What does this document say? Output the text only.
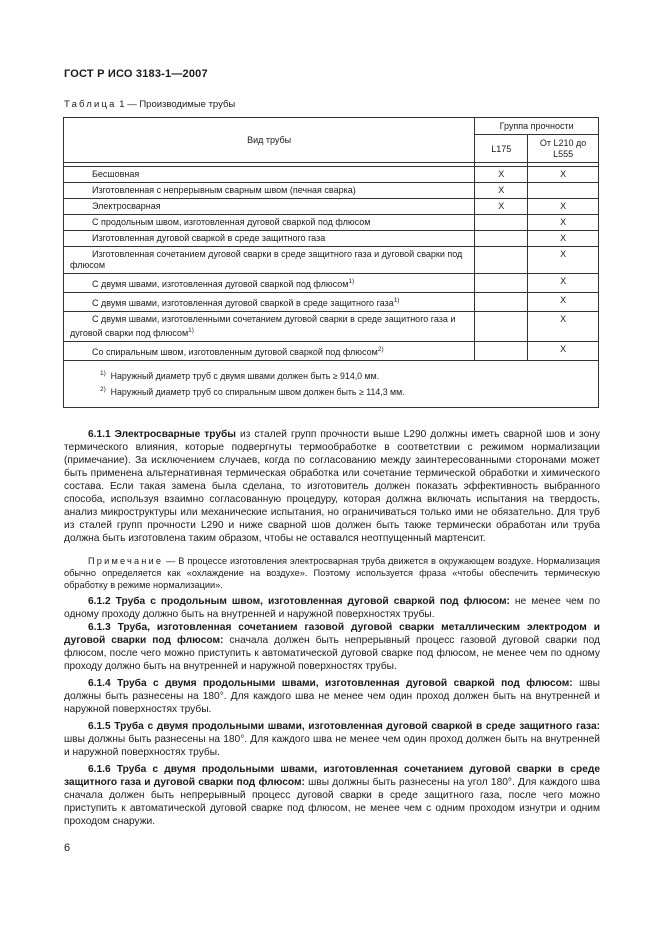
ГОСТ Р ИСО 3183-1—2007
Таблица 1 — Производимые трубы
Вид трубы	Группа прочности	
	L175	От L210 до L555

Бесшовная	X	X
Изготовленная с непрерывным сварным швом (печная сварка)	X	
Электросварная	X	X
С продольным швом, изготовленная дуговой сваркой под флюсом		X
Изготовленная дуговой сваркой в среде защитного газа		X
Изготовленная сочетанием дуговой сварки в среде защитного газа и дуговой сварки под флюсом		X
С двумя швами, изготовленная дуговой сваркой под флюсом$^{1)}$		X
С двумя швами, изготовленная дуговой сваркой в среде защитного газа$^{1)}$		X
С двумя швами, изготовленными сочетанием дуговой сварки в среде защитного газа и дуговой сварки под флюсом$^{1)}$		X
Со спиральным швом, изготовленным дуговой сваркой под флюсом$^{2)}$		X

$^{1)}$ Наружный диаметр труб с двумя швами должен быть ≥ 914,0 мм.
$^{2)}$ Наружный диаметр труб со спиральным швом должен быть ≥ 114,3 мм.		
6

6.1.1 Электросварные трубы из сталей групп прочности выше L290 должны иметь сварной шов и зону термического влияния, которые подвергнуты термообработке в соответствии с режимом нормализации (примечание). За исключением случаев, когда по согласованию между заинтересованными сторонами может быть применена альтернативная термическая обработка или сочетание термической обработки и химического состава. Если такая замена была сделана, то изготовитель должен показать эффективность выбранного способа, используя взаимно согласованную процедуру, которая должна включать испытания на твердость, анализ микроструктуры или механические испытания, но ограничиваться только ими не обязательно. Для труб из сталей групп прочности L290 и ниже сварной шов должен быть также термически обработан или труба должна быть изготовлена таким образом, чтобы не оставался неотпущенный мартенсит.

Примечание — В процессе изготовления электросварная труба движется в окружающем воздухе. Нормализация обычно определяется как «охлаждение на воздухе». Поэтому используется фраза «чтобы обеспечить термическую обработку в режиме нормализации».

6.1.2 Труба с продольным швом, изготовленная дуговой сваркой под флюсом: не менее чем по одному проходу должно быть на внутренней и наружной поверхностях трубы.

6.1.3 Труба, изготовленная сочетанием газовой дуговой сварки металлическим электродом и дуговой сварки под флюсом: сначала должен быть непрерывный процесс газовой дуговой сварки под флюсом, после чего можно приступить к автоматической дуговой сварке под флюсом, не менее чем по одному проходу должно быть на внутренней и наружной поверхностях трубы.

6.1.4 Труба с двумя продольными швами, изготовленная дуговой сваркой под флюсом: швы должны быть разнесены на 180°. Для каждого шва не менее чем один проход должен быть на внутренней и наружной поверхностях трубы.

6.1.5 Труба с двумя продольными швами, изготовленная дуговой сваркой в среде защитного газа: швы должны быть разнесены на 180°. Для каждого шва не менее чем один проход должен быть на внутренней и наружной поверхностях трубы.

6.1.6 Труба с двумя продольными швами, изготовленная сочетанием дуговой сварки в среде защитного газа и дуговой сварки под флюсом: швы должны быть разнесены на угол 180°. Для каждого шва сначала должен быть непрерывный процесс дуговой сварки в среде защитного газа, после чего можно приступить к автоматической дуговой сварке под флюсом, не менее чем с одним проходом изнутри и одним проходом снаружи.
